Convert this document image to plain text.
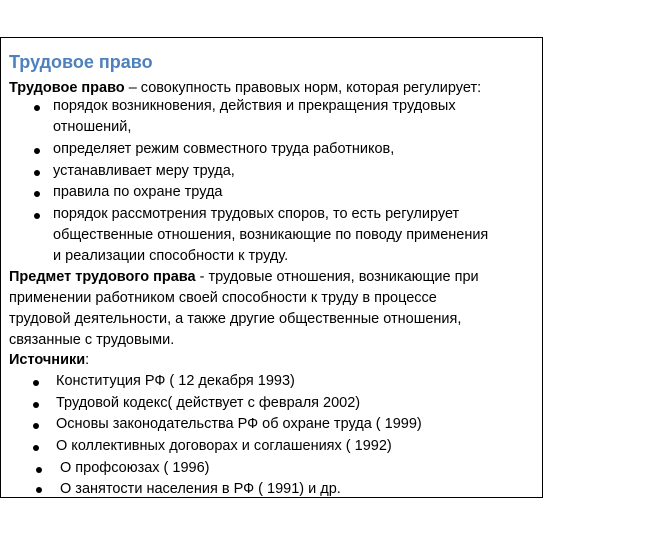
Трудовое право
Трудовое право – совокупность правовых норм, которая регулирует:
порядок возникновения, действия и прекращения трудовых
отношений,
определяет режим совместного труда работников,
устанавливает меру труда,
правила по охране труда
порядок рассмотрения трудовых споров, то есть регулирует
общественные отношения, возникающие по поводу применения
и реализации способности к труду.
Предмет трудового права - трудовые отношения, возникающие при
применении работником своей способности к труду в процессе
трудовой деятельности, а также другие общественные отношения,
связанные с трудовыми.
Источники:
Конституция РФ ( 12 декабря 1993)
Трудовой кодекс( действует с февраля 2002)
Основы законодательства РФ об охране труда ( 1999)
О коллективных договорах и соглашениях ( 1992)
О профсоюзах ( 1996)
О занятости населения в РФ ( 1991) и др.
